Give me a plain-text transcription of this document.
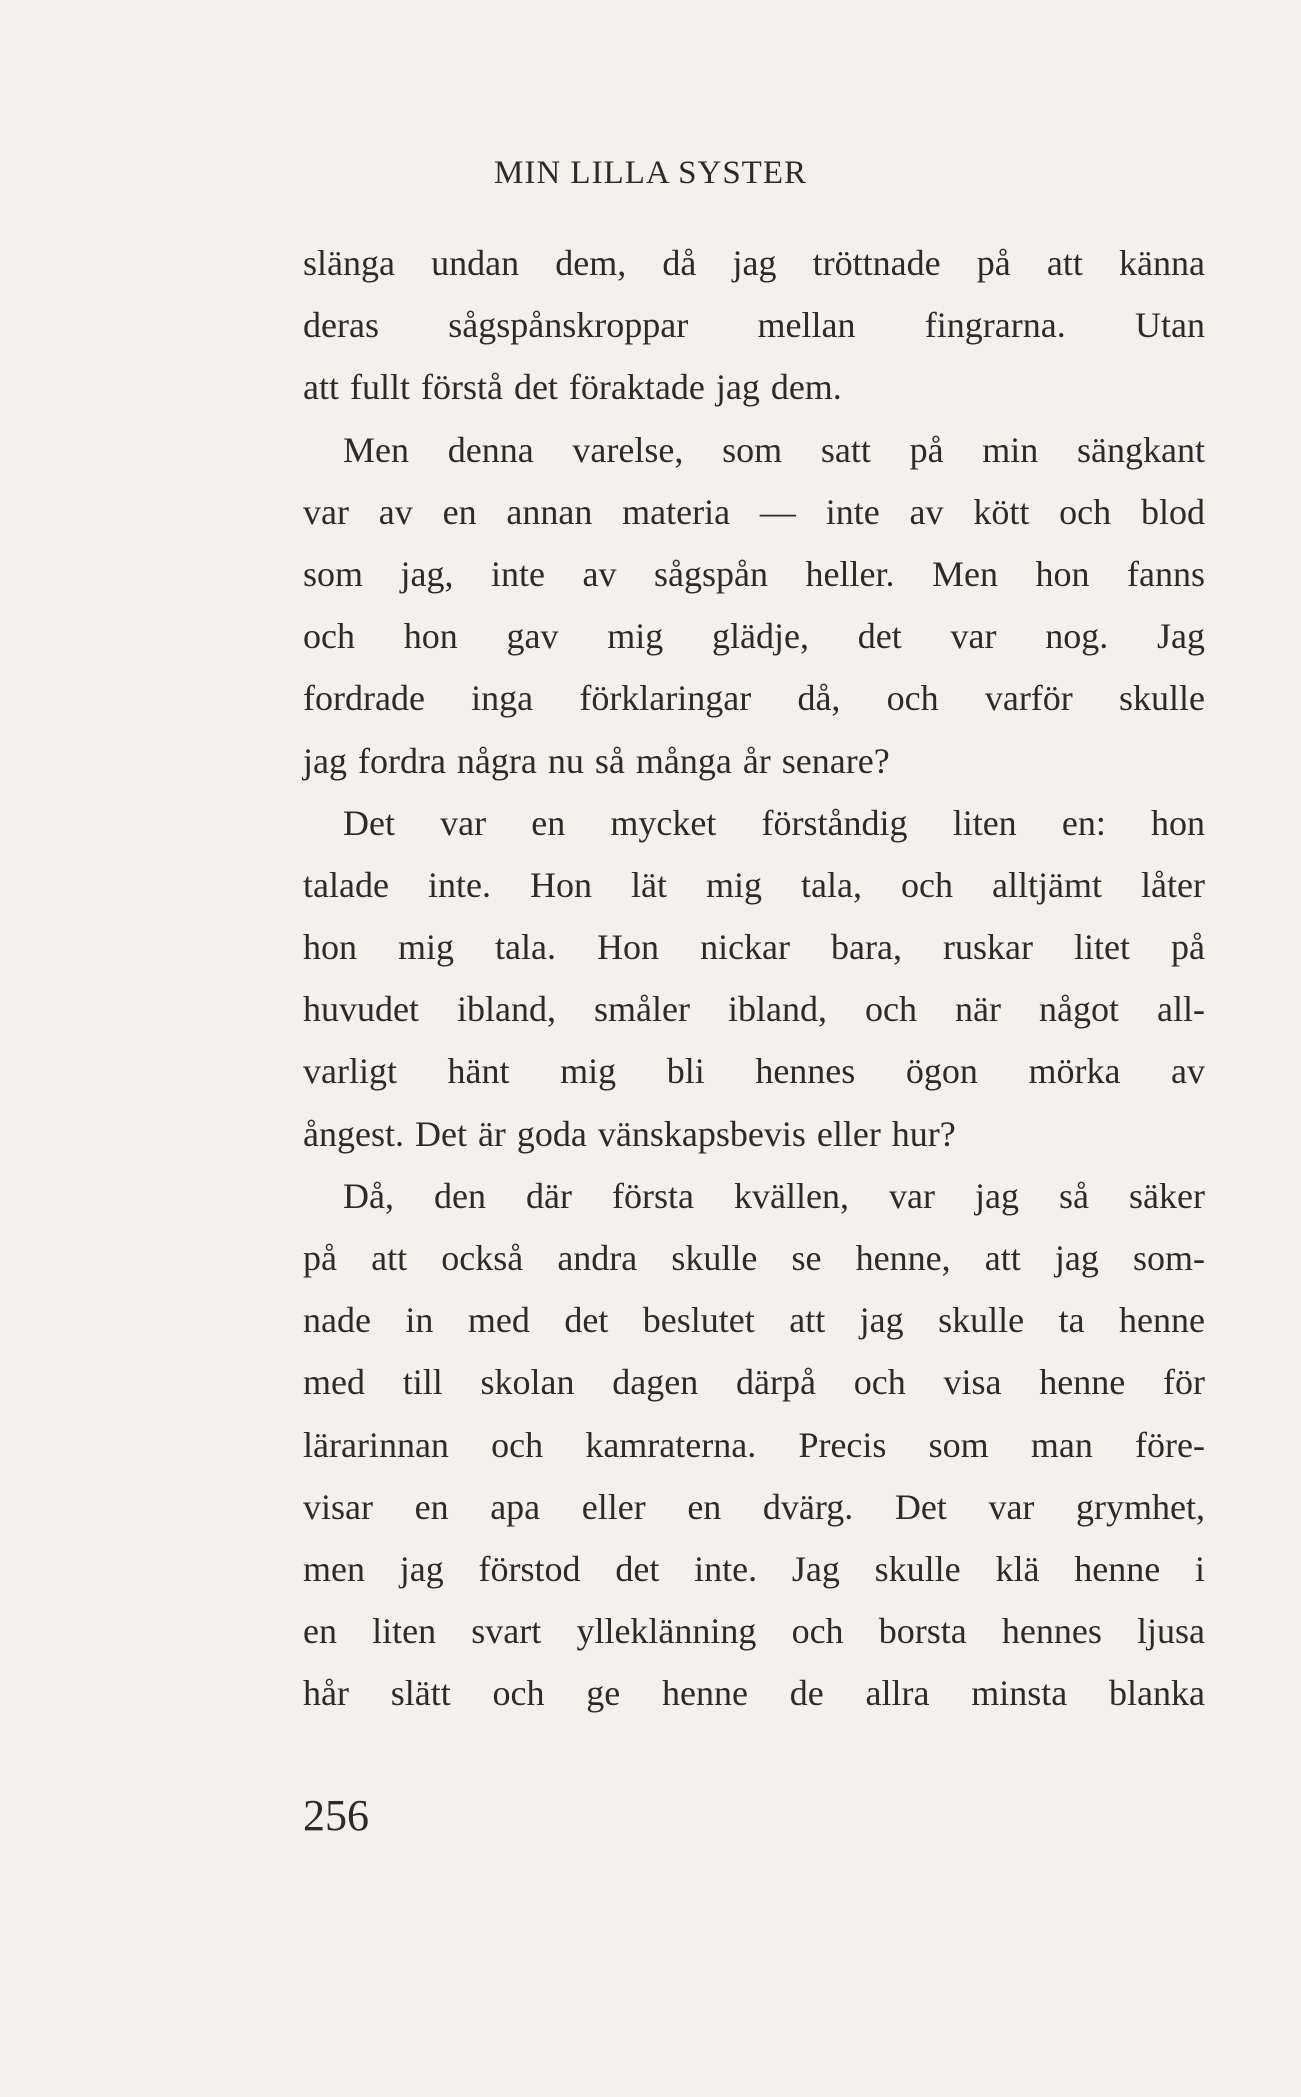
MIN LILLA SYSTER
slänga undan dem, då jag tröttnade på att känna
deras sågspånskroppar mellan fingrarna. Utan
att fullt förstå det föraktade jag dem.
Men denna varelse, som satt på min sängkant
var av en annan materia — inte av kött och blod
som jag, inte av sågspån heller. Men hon fanns
och hon gav mig glädje, det var nog. Jag
fordrade inga förklaringar då, och varför skulle
jag fordra några nu så många år senare?
Det var en mycket förståndig liten en: hon
talade inte. Hon lät mig tala, och alltjämt låter
hon mig tala. Hon nickar bara, ruskar litet på
huvudet ibland, småler ibland, och när något all-
varligt hänt mig bli hennes ögon mörka av
ångest. Det är goda vänskapsbevis eller hur?
Då, den där första kvällen, var jag så säker
på att också andra skulle se henne, att jag som-
nade in med det beslutet att jag skulle ta henne
med till skolan dagen därpå och visa henne för
lärarinnan och kamraterna. Precis som man före-
visar en apa eller en dvärg. Det var grymhet,
men jag förstod det inte. Jag skulle klä henne i
en liten svart ylleklänning och borsta hennes ljusa
hår slätt och ge henne de allra minsta blanka
256
